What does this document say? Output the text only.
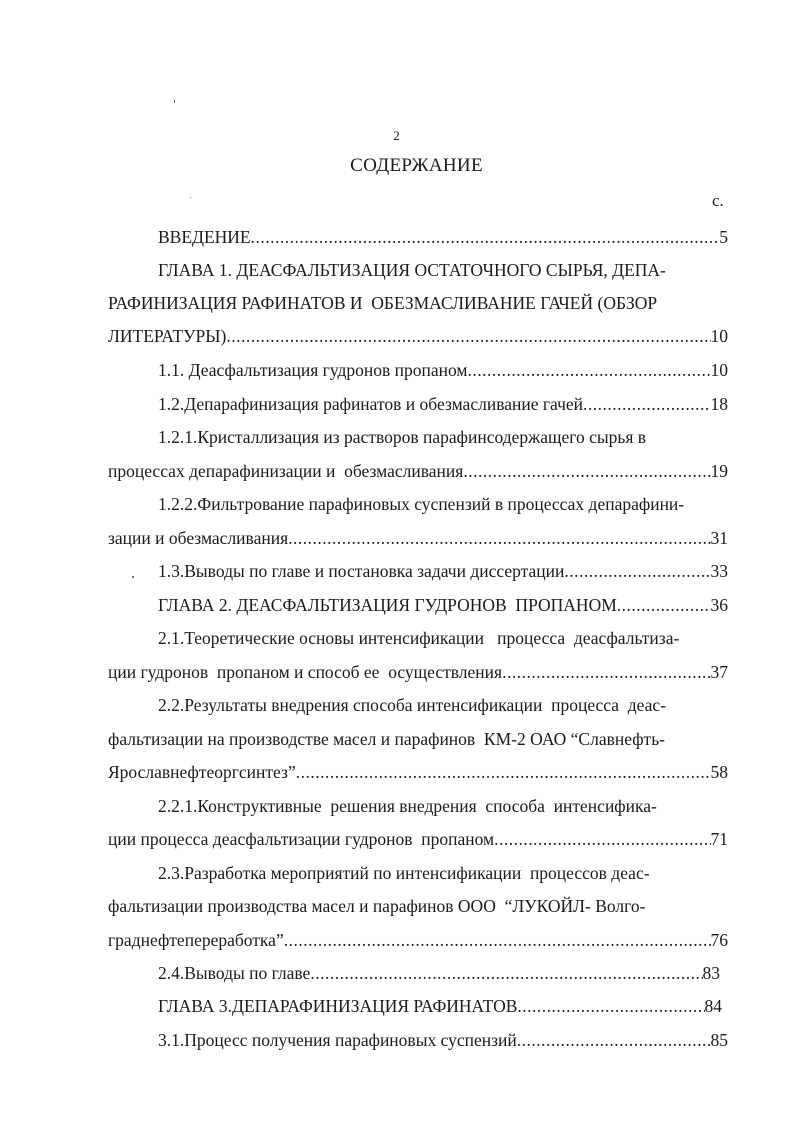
2
СОДЕРЖАНИЕ
с.
ВВЕДЕНИЕ .....	5
ГЛАВА 1. ДЕАСФАЛЬТИЗАЦИЯ ОСТАТОЧНОГО СЫРЬЯ, ДЕПА-
РАФИНИЗАЦИЯ РАФИНАТОВ И  ОБЕЗМАСЛИВАНИЕ ГАЧЕЙ (ОБЗОР
ЛИТЕРАТУРЫ) .....	10
1.1. Деасфальтизация гудронов пропаном .....	10
1.2.Депарафинизация рафинатов и обезмасливание гачей .....	18
1.2.1.Кристаллизация из растворов парафинсодержащего сырья в
процессах депарафинизации и  обезмасливания .....	19
1.2.2.Фильтрование парафиновых суспензий в процессах депарафини-
зации и обезмасливания .....	31
1.3.Выводы по главе и постановка задачи диссертации .....	33
ГЛАВА 2. ДЕАСФАЛЬТИЗАЦИЯ ГУДРОНОВ  ПРОПАНОМ .....	36
2.1.Теоретические основы интенсификации   процесса  деасфальтиза-
ции гудронов  пропаном и способ ее  осуществления .....	37
2.2.Результаты внедрения способа интенсификации  процесса  деас-
фальтизации на производстве масел и парафинов  КМ-2 ОАО “Славнефть-
Ярославнефтеоргсинтез” .....	58
2.2.1.Конструктивные  решения внедрения  способа  интенсифика-
ции процесса деасфальтизации гудронов  пропаном .....	71
2.3.Разработка мероприятий по интенсификации  процессов деас-
фальтизации производства масел и парафинов ООО  “ЛУКОЙЛ- Волго-
граднефтепереработка” .....	76
2.4.Выводы по главе .....	83
ГЛАВА 3.ДЕПАРАФИНИЗАЦИЯ РАФИНАТОВ .....	84
3.1.Процесс получения парафиновых суспензий .....	85
